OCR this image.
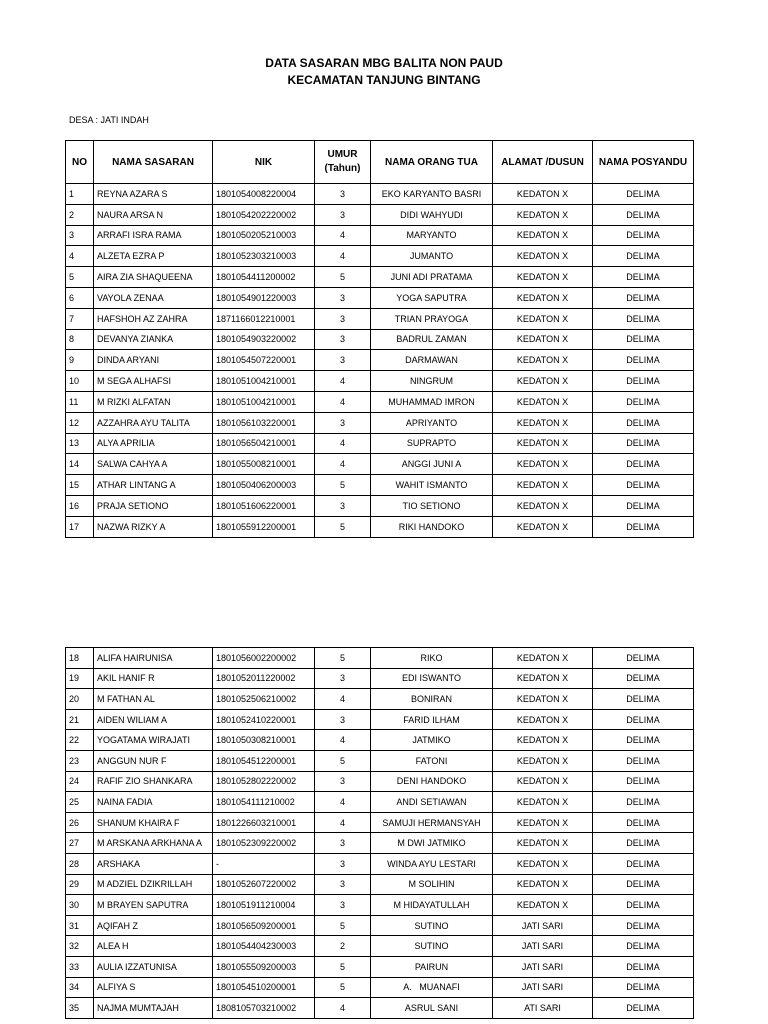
DATA SASARAN MBG BALITA NON PAUD
KECAMATAN TANJUNG BINTANG
DESA : JATI INDAH
NO	NAMA SASARAN	NIK	UMUR
(Tahun)	NAMA ORANG TUA	ALAMAT /DUSUN	NAMA POSYANDU
1	REYNA AZARA S	1801054008220004	3	EKO KARYANTO BASRI	KEDATON X	DELIMA
2	NAURA ARSA N	1801054202220002	3	DIDI WAHYUDI	KEDATON X	DELIMA
3	ARRAFI ISRA RAMA	1801050205210003	4	MARYANTO	KEDATON X	DELIMA
4	ALZETA EZRA P	1801052303210003	4	JUMANTO	KEDATON X	DELIMA
5	AIRA ZIA SHAQUEENA	1801054411200002	5	JUNI ADI PRATAMA	KEDATON X	DELIMA
6	VAYOLA ZENAA	1801054901220003	3	YOGA SAPUTRA	KEDATON X	DELIMA
7	HAFSHOH AZ ZAHRA	1871166012210001	3	TRIAN PRAYOGA	KEDATON X	DELIMA
8	DEVANYA ZIANKA	1801054903220002	3	BADRUL ZAMAN	KEDATON X	DELIMA
9	DINDA ARYANI	1801054507220001	3	DARMAWAN	KEDATON X	DELIMA
10	M SEGA ALHAFSI	1801051004210001	4	NINGRUM	KEDATON X	DELIMA
11	M RIZKI ALFATAN	1801051004210001	4	MUHAMMAD IMRON	KEDATON X	DELIMA
12	AZZAHRA AYU TALITA	1801056103220001	3	APRIYANTO	KEDATON X	DELIMA
13	ALYA APRILIA	1801056504210001	4	SUPRAPTO	KEDATON X	DELIMA
14	SALWA CAHYA A	1801055008210001	4	ANGGI JUNI A	KEDATON X	DELIMA
15	ATHAR LINTANG A	1801050406200003	5	WAHIT ISMANTO	KEDATON X	DELIMA
16	PRAJA SETIONO	1801051606220001	3	TIO SETIONO	KEDATON X	DELIMA
17	NAZWA RIZKY A	1801055912200001	5	RIKI HANDOKO	KEDATON X	DELIMA
18	ALIFA HAIRUNISA	1801056002200002	5	RIKO	KEDATON X	DELIMA
19	AKIL HANIF R	1801052011220002	3	EDI ISWANTO	KEDATON X	DELIMA
20	M FATHAN AL	1801052506210002	4	BONIRAN	KEDATON X	DELIMA
21	AIDEN WILIAM A	1801052410220001	3	FARID ILHAM	KEDATON X	DELIMA
22	YOGATAMA WIRAJATI	1801050308210001	4	JATMIKO	KEDATON X	DELIMA
23	ANGGUN NUR F	1801054512200001	5	FATONI	KEDATON X	DELIMA
24	RAFIF ZIO SHANKARA	1801052802220002	3	DENI HANDOKO	KEDATON X	DELIMA
25	NAINA FADIA	1801054111210002	4	ANDI SETIAWAN	KEDATON X	DELIMA
26	SHANUM KHAIRA F	1801226603210001	4	SAMUJI HERMANSYAH	KEDATON X	DELIMA
27	M ARSKANA ARKHANA A	1801052309220002	3	M DWI JATMIKO	KEDATON X	DELIMA
28	ARSHAKA	-	3	WINDA AYU LESTARI	KEDATON X	DELIMA
29	M ADZIEL DZIKRILLAH	1801052607220002	3	M SOLIHIN	KEDATON X	DELIMA
30	M BRAYEN SAPUTRA	1801051911210004	3	M HIDAYATULLAH	KEDATON X	DELIMA
31	AQIFAH Z	1801056509200001	5	SUTINO	JATI SARI	DELIMA
32	ALEA H	1801054404230003	2	SUTINO	JATI SARI	DELIMA
33	AULIA IZZATUNISA	1801055509200003	5	PAIRUN	JATI SARI	DELIMA
34	ALFIYA S	1801054510200001	5	A.   MUANAFI	JATI SARI	DELIMA
35	NAJMA MUMTAJAH	1808105703210002	4	ASRUL SANI	ATI SARI	DELIMA
